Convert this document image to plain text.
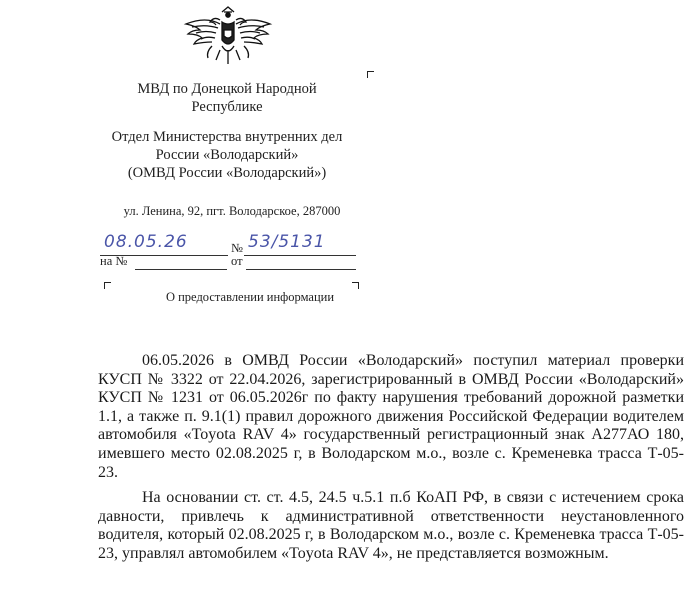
МВД по Донецкой Народной
Республике
Отдел Министерства внутренних дел
России «Володарский»
(ОМВД России «Володарский»)
ул. Ленина, 92, пгт. Володарское, 287000
08.05.26	№ 53/5131
на №	от
О предоставлении информации
06.05.2026 в ОМВД России «Володарский» поступил материал проверки КУСП № 3322 от 22.04.2026, зарегистрированный в ОМВД России «Володарский» КУСП № 1231 от 06.05.2026г по факту нарушения требований дорожной разметки 1.1, а также п. 9.1(1) правил дорожного движения Российской Федерации водителем автомобиля «Toyota RAV 4» государственный регистрационный знак А277АО 180, имевшего место 02.08.2025 г, в Володарском м.о., возле с. Кременевка трасса Т-05-23.
На основании ст. ст. 4.5, 24.5 ч.5.1 п.б КоАП РФ, в связи с истечением срока давности, привлечь к административной ответственности неустановленного водителя, который 02.08.2025 г, в Володарском м.о., возле с. Кременевка трасса Т-05-23, управлял автомобилем «Toyota RAV 4», не представляется возможным.
